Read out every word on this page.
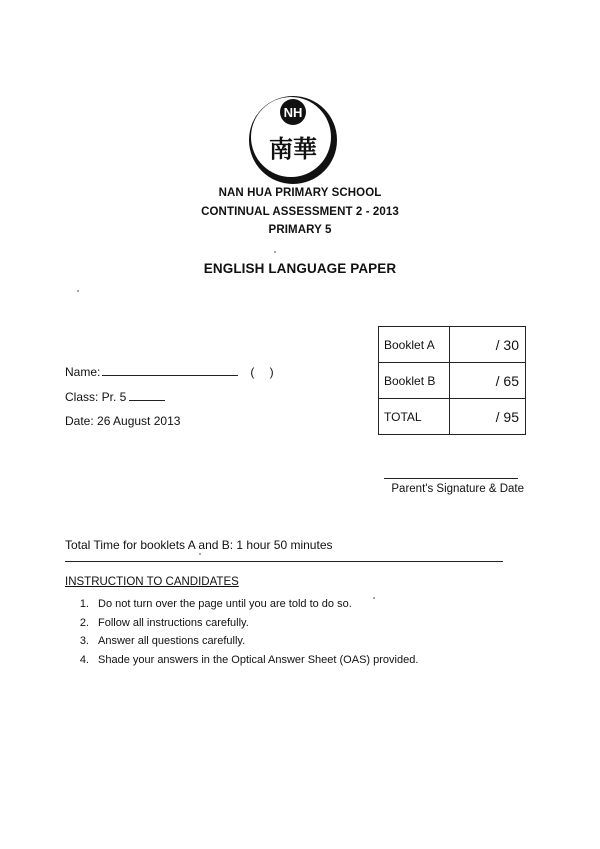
NH
南華
NAN HUA PRIMARY SCHOOL
CONTINUAL ASSESSMENT 2 - 2013
PRIMARY 5
ENGLISH LANGUAGE PAPER
Name:	( )
Class: Pr. 5
Date: 26 August 2013
Booklet A	/ 30
Booklet B	/ 65
TOTAL	/ 95
Parent's Signature & Date
Total Time for booklets A and B: 1 hour 50 minutes
INSTRUCTION TO CANDIDATES
1. Do not turn over the page until you are told to do so.
2. Follow all instructions carefully.
3. Answer all questions carefully.
4. Shade your answers in the Optical Answer Sheet (OAS) provided.
